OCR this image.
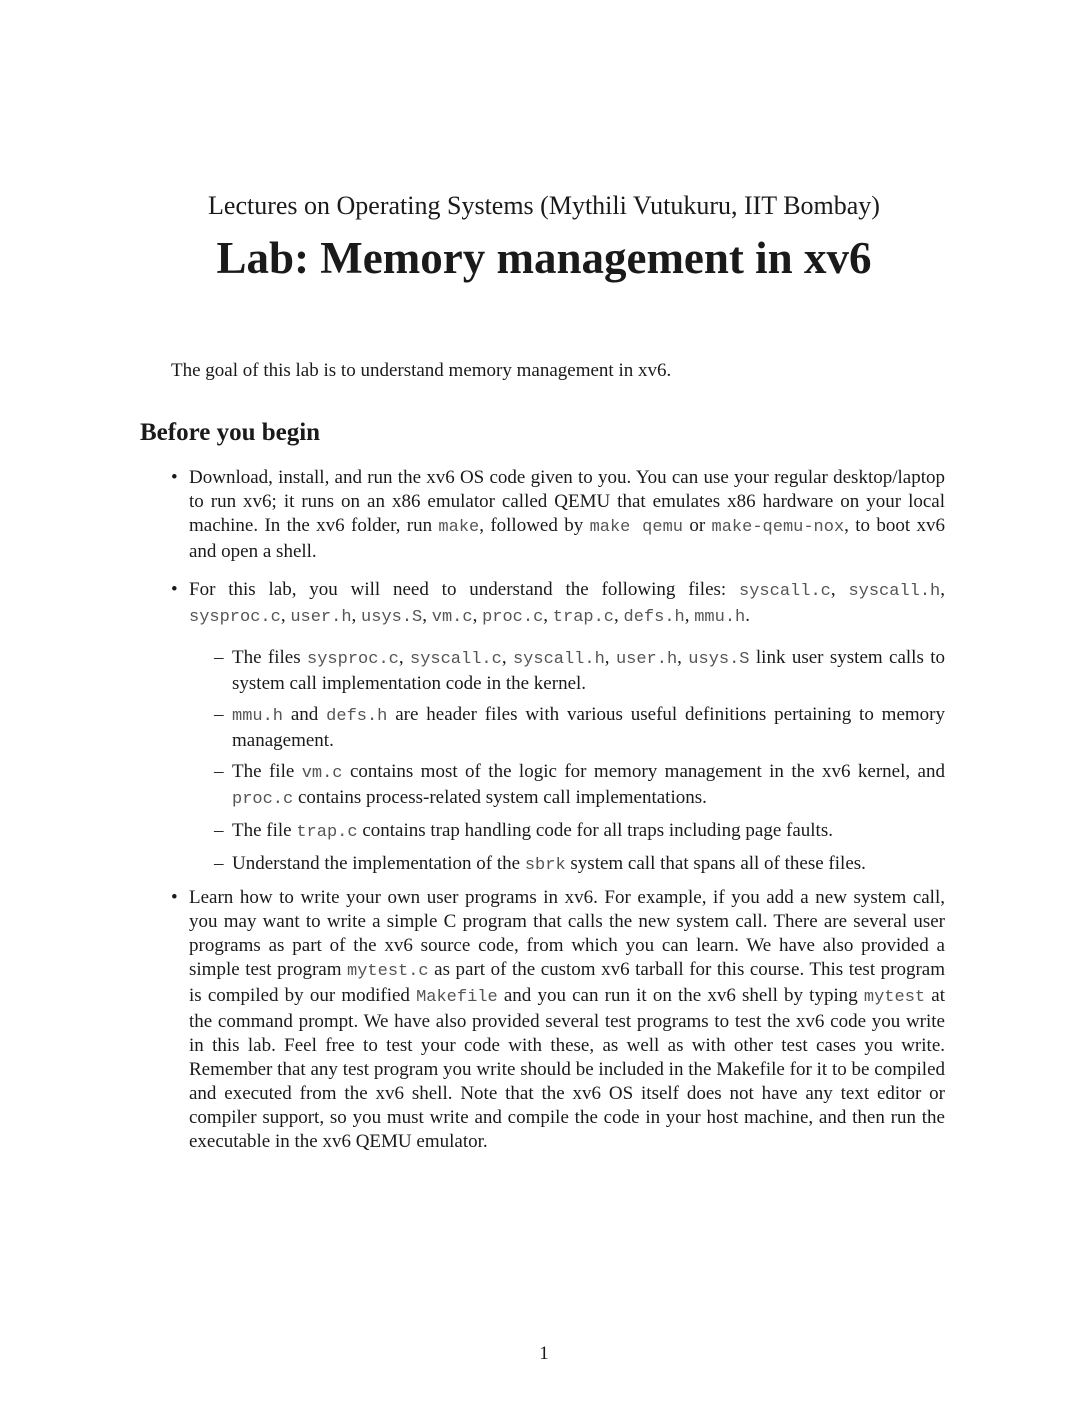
Lectures on Operating Systems (Mythili Vutukuru, IIT Bombay)
Lab: Memory management in xv6

The goal of this lab is to understand memory management in xv6.

Before you begin
• Download, install, and run the xv6 OS code given to you. You can use your regular desktop/laptop to run xv6; it runs on an x86 emulator called QEMU that emulates x86 hardware on your local machine. In the xv6 folder, run make, followed by make qemu or make-qemu-nox, to boot xv6 and open a shell.
• For this lab, you will need to understand the following files: syscall.c, syscall.h, sysproc.c, user.h, usys.S, vm.c, proc.c, trap.c, defs.h, mmu.h.
– The files sysproc.c, syscall.c, syscall.h, user.h, usys.S link user system calls to system call implementation code in the kernel.
– mmu.h and defs.h are header files with various useful definitions pertaining to memory management.
– The file vm.c contains most of the logic for memory management in the xv6 kernel, and proc.c contains process-related system call implementations.
– The file trap.c contains trap handling code for all traps including page faults.
– Understand the implementation of the sbrk system call that spans all of these files.
• Learn how to write your own user programs in xv6. For example, if you add a new system call, you may want to write a simple C program that calls the new system call. There are several user programs as part of the xv6 source code, from which you can learn. We have also provided a simple test program mytest.c as part of the custom xv6 tarball for this course. This test program is compiled by our modified Makefile and you can run it on the xv6 shell by typing mytest at the command prompt. We have also provided several test programs to test the xv6 code you write in this lab. Feel free to test your code with these, as well as with other test cases you write. Remember that any test program you write should be included in the Makefile for it to be compiled and executed from the xv6 shell. Note that the xv6 OS itself does not have any text editor or compiler support, so you must write and compile the code in your host machine, and then run the executable in the xv6 QEMU emulator.
1
